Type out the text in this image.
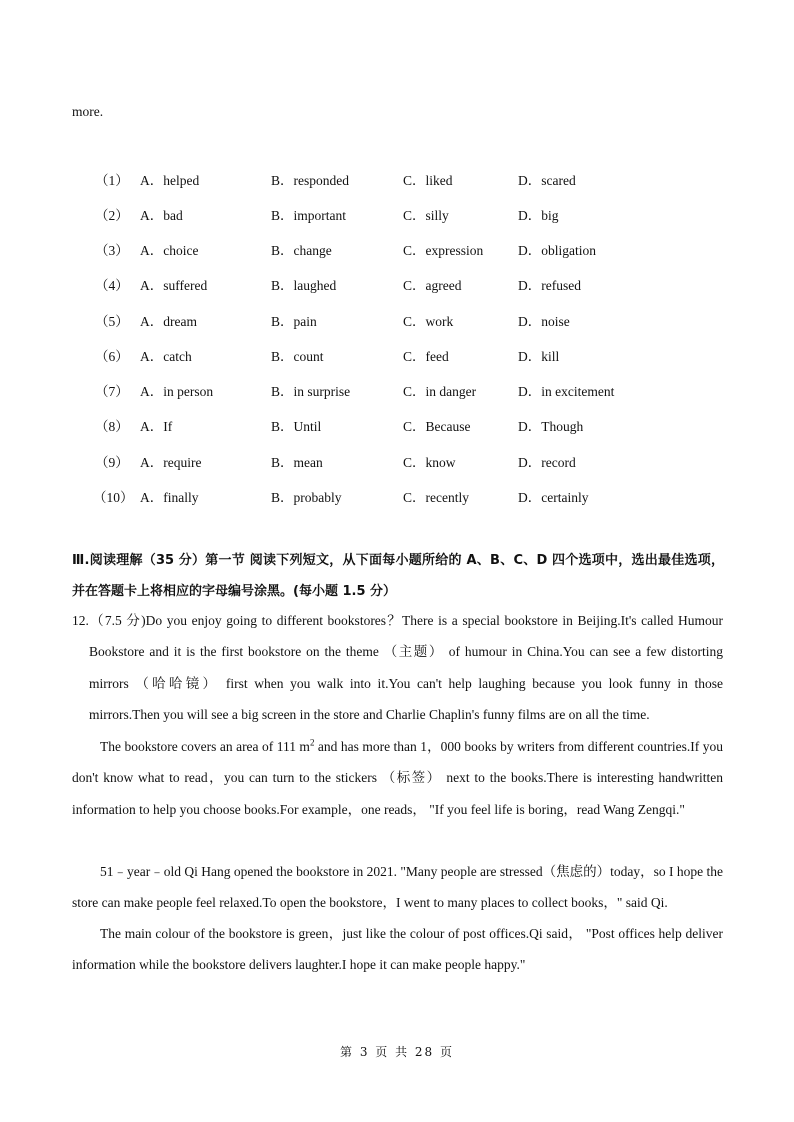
more.
（1） A．helped	B．responded	C．liked	D．scared
（2） A．bad	B．important	C．silly	D．big
（3） A．choice	B．change	C．expression	D．obligation
（4） A．suffered	B．laughed	C．agreed	D．refused
（5） A．dream	B．pain	C．work	D．noise
（6） A．catch	B．count	C．feed	D．kill
（7） A．in person	B．in surprise	C．in danger	D．in excitement
（8） A．If	B．Until	C．Because	D．Though
（9） A．require	B．mean	C．know	D．record
（10） A．finally	B．probably	C．recently	D．certainly
Ⅲ.阅读理解（35 分）第一节 阅读下列短文，从下面每小题所给的 A、B、C、D 四个选项中，选出最佳选项，并在答题卡上将相应的字母编号涂黑。(每小题 1.5 分）
12.（7.5 分)Do you enjoy going to different bookstores？There is a special bookstore in Beijing.It's called Humour Bookstore and it is the first bookstore on the theme （主题） of humour in China.You can see a few distorting mirrors （哈哈镜） first when you walk into it.You can't help laughing because you look funny in those mirrors.Then you will see a big screen in the store and Charlie Chaplin's funny films are on all the time.
The bookstore covers an area of 111 $m^2$ and has more than 1，000 books by writers from different countries.If you don't know what to read，you can turn to the stickers （标签） next to the books.There is interesting handwritten information to help you choose books.For example，one reads， "If you feel life is boring，read Wang Zengqi."
51﹣year﹣old Qi Hang opened the bookstore in 2021. "Many people are stressed（焦虑的）today，so I hope the store can make people feel relaxed.To open the bookstore，I went to many places to collect books，" said Qi.
The main colour of the bookstore is green，just like the colour of post offices.Qi said， "Post offices help deliver information while the bookstore delivers laughter.I hope it can make people happy."
第 3 页 共 28 页
